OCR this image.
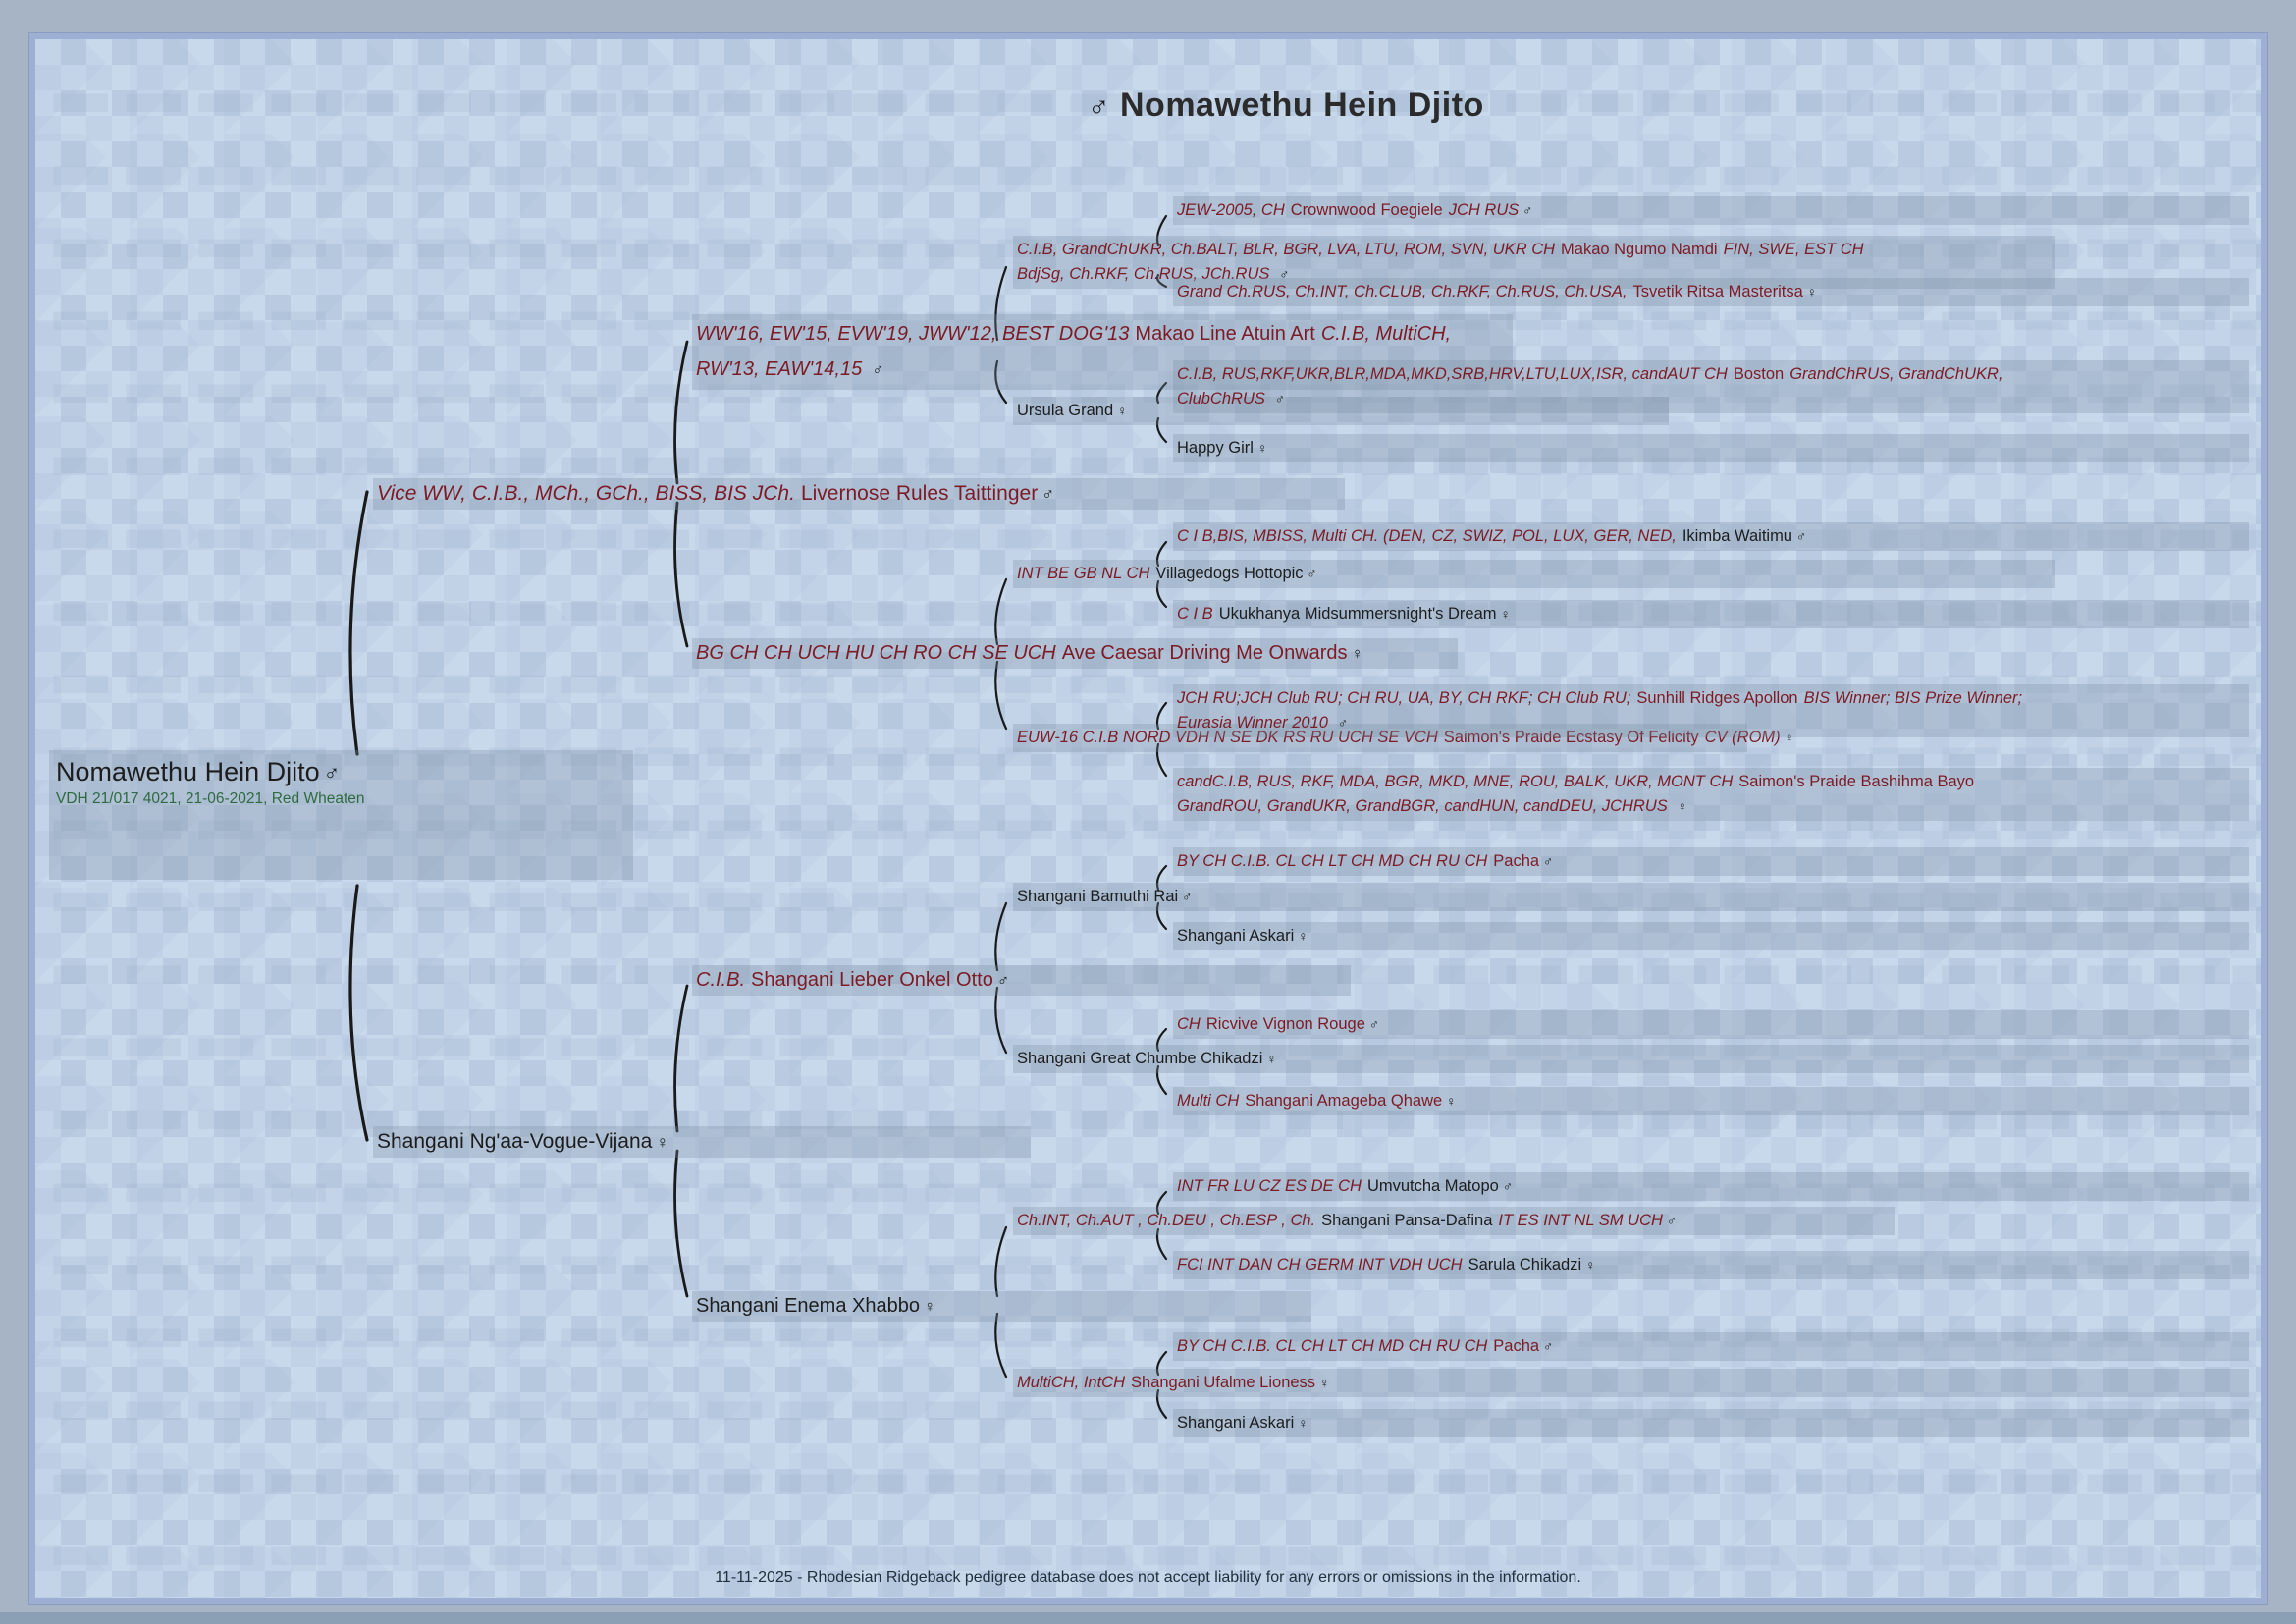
♂ Nomawethu Hein Djito
Nomawethu Hein Djito ♂
VDH 21/017 4021, 21-06-2021, Red Wheaten
Vice WW, C.I.B., MCh., GCh., BISS, BIS JCh. Livernose Rules Taittinger ♂
Shangani Ng'aa-Vogue-Vijana ♀
WW'16, EW'15, EVW'19, JWW'12, BEST DOG'13 Makao Line Atuin Art C.I.B, MultiCH,
RW'13, EAW'14,15 ♂
BG CH CH UCH HU CH RO CH SE UCH Ave Caesar Driving Me Onwards ♀
C.I.B. Shangani Lieber Onkel Otto ♂
Shangani Enema Xhabbo ♀
C.I.B, GrandChUKR, Ch.BALT, BLR, BGR, LVA, LTU, ROM, SVN, UKR CH Makao Ngumo Namdi FIN, SWE, EST CH
BdjSg, Ch.RKF, Ch.RUS, JCh.RUS ♂
Ursula Grand ♀
INT BE GB NL CH Villagedogs Hottopic ♂
EUW-16 C.I.B NORD VDH N SE DK RS RU UCH SE VCH Saimon's Praide Ecstasy Of Felicity CV (ROM) ♀
Shangani Bamuthi Rai ♂
Shangani Great Chumbe Chikadzi ♀
Ch.INT, Ch.AUT , Ch.DEU , Ch.ESP , Ch. Shangani Pansa-Dafina IT ES INT NL SM UCH ♂
MultiCH, IntCH Shangani Ufalme Lioness ♀
JEW-2005, CH Crownwood Foegiele JCH RUS ♂
Grand Ch.RUS, Ch.INT, Ch.CLUB, Ch.RKF, Ch.RUS, Ch.USA, Tsvetik Ritsa Masteritsa ♀
C.I.B, RUS,RKF,UKR,BLR,MDA,MKD,SRB,HRV,LTU,LUX,ISR, candAUT CH Boston GrandChRUS, GrandChUKR,
ClubChRUS ♂
Happy Girl ♀
C I B,BIS, MBISS, Multi CH. (DEN, CZ, SWIZ, POL, LUX, GER, NED, Ikimba Waitimu ♂
C I B Ukukhanya Midsummersnight's Dream ♀
JCH RU;JCH Club RU; CH RU, UA, BY, CH RKF; CH Club RU; Sunhill Ridges Apollon BIS Winner; BIS Prize Winner;
Eurasia Winner 2010 ♂
candC.I.B, RUS, RKF, MDA, BGR, MKD, MNE, ROU, BALK, UKR, MONT CH Saimon's Praide Bashihma Bayo
GrandROU, GrandUKR, GrandBGR, candHUN, candDEU, JCHRUS ♀
BY CH C.I.B. CL CH LT CH MD CH RU CH Pacha ♂
Shangani Askari ♀
CH Ricvive Vignon Rouge ♂
Multi CH Shangani Amageba Qhawe ♀
INT FR LU CZ ES DE CH Umvutcha Matopo ♂
FCI INT DAN CH GERM INT VDH UCH Sarula Chikadzi ♀
BY CH C.I.B. CL CH LT CH MD CH RU CH Pacha ♂
Shangani Askari ♀
11-11-2025 - Rhodesian Ridgeback pedigree database does not accept liability for any errors or omissions in the information.
